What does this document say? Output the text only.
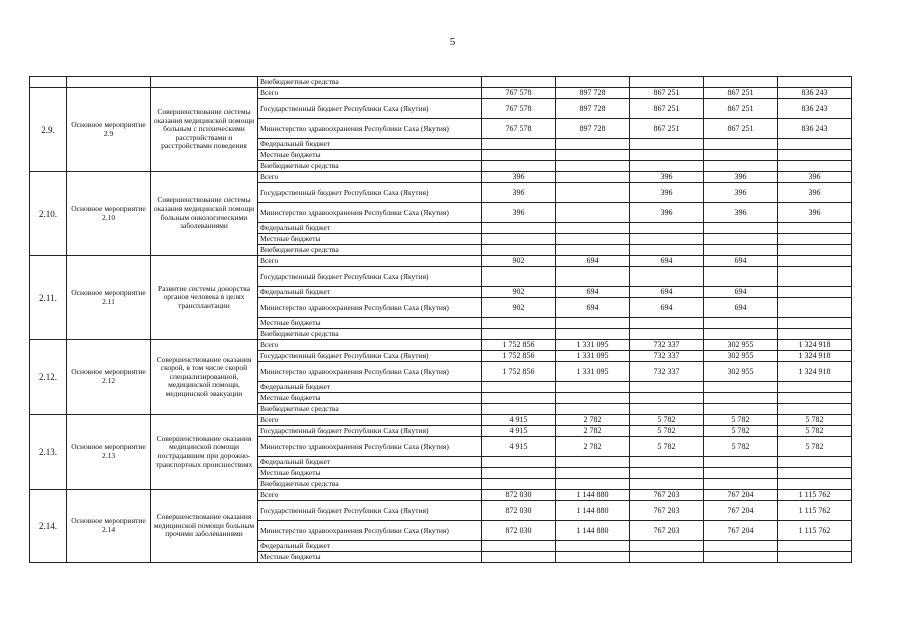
5
			Внебюджетные средства					
2.9.	Основное мероприятие 2.9	Совершенствование системы оказания медицинской помощи больным с психическими расстройствами и расстройствами поведения	Всего	767 578	897 728	867 251	867 251	836 243
			Государственный бюджет Республики Саха (Якутия)	767 578	897 728	867 251	867 251	836 243
			Министерство здравоохранения Республики Саха (Якутия)	767 578	897 728	867 251	867 251	836 243
			Федеральный бюджет					
			Местные бюджеты					
			Внебюджетные средства					
2.10.	Основное мероприятие 2.10	Совершенствование системы оказания медицинской помощи больным онкологическими заболеваниями	Всего	396		396	396	396
			Государственный бюджет Республики Саха (Якутия)	396		396	396	396
			Министерство здравоохранения Республики Саха (Якутия)	396		396	396	396
			Федеральный бюджет					
			Местные бюджеты					
			Внебюджетные средства					
2.11.	Основное мероприятие 2.11	Развитие системы донорства органов человека в целях трансплантации	Всего	902	694	694	694	
			Государственный бюджет Республики Саха (Якутия)					
			Федеральный бюджет	902	694	694	694	
			Министерство здравоохранения Республики Саха (Якутия)	902	694	694	694	
			Местные бюджеты					
			Внебюджетные средства					
2.12.	Основное мероприятие 2.12	Совершенствование оказания скорой, в том числе скорой специализированной, медицинской помощи, медицинской эвакуации	Всего	1 752 856	1 331 095	732 337	302 955	1 324 918
			Государственный бюджет Республики Саха (Якутия)	1 752 856	1 331 095	732 337	302 955	1 324 918
			Министерство здравоохранения Республики Саха (Якутия)	1 752 856	1 331 095	732 337	302 955	1 324 918
			Федеральный бюджет					
			Местные бюджеты					
			Внебюджетные средства					
2.13.	Основное мероприятие 2.13	Совершенствование оказания медицинской помощи пострадавшим при дорожно-транспортных происшествиях	Всего	4 915	2 782	5 782	5 782	5 782
			Государственный бюджет Республики Саха (Якутия)	4 915	2 782	5 782	5 782	5 782
			Министерство здравоохранения Республики Саха (Якутия)	4 915	2 782	5 782	5 782	5 782
			Федеральный бюджет					
			Местные бюджеты					
			Внебюджетные средства					
2.14.	Основное мероприятие 2.14	Совершенствование оказания медицинской помощи больным прочими заболеваниями	Всего	872 030	1 144 880	767 203	767 204	1 115 762
			Государственный бюджет Республики Саха (Якутия)	872 030	1 144 880	767 203	767 204	1 115 762
			Министерство здравоохранения Республики Саха (Якутия)	872 030	1 144 880	767 203	767 204	1 115 762
			Федеральный бюджет					
			Местные бюджеты					
